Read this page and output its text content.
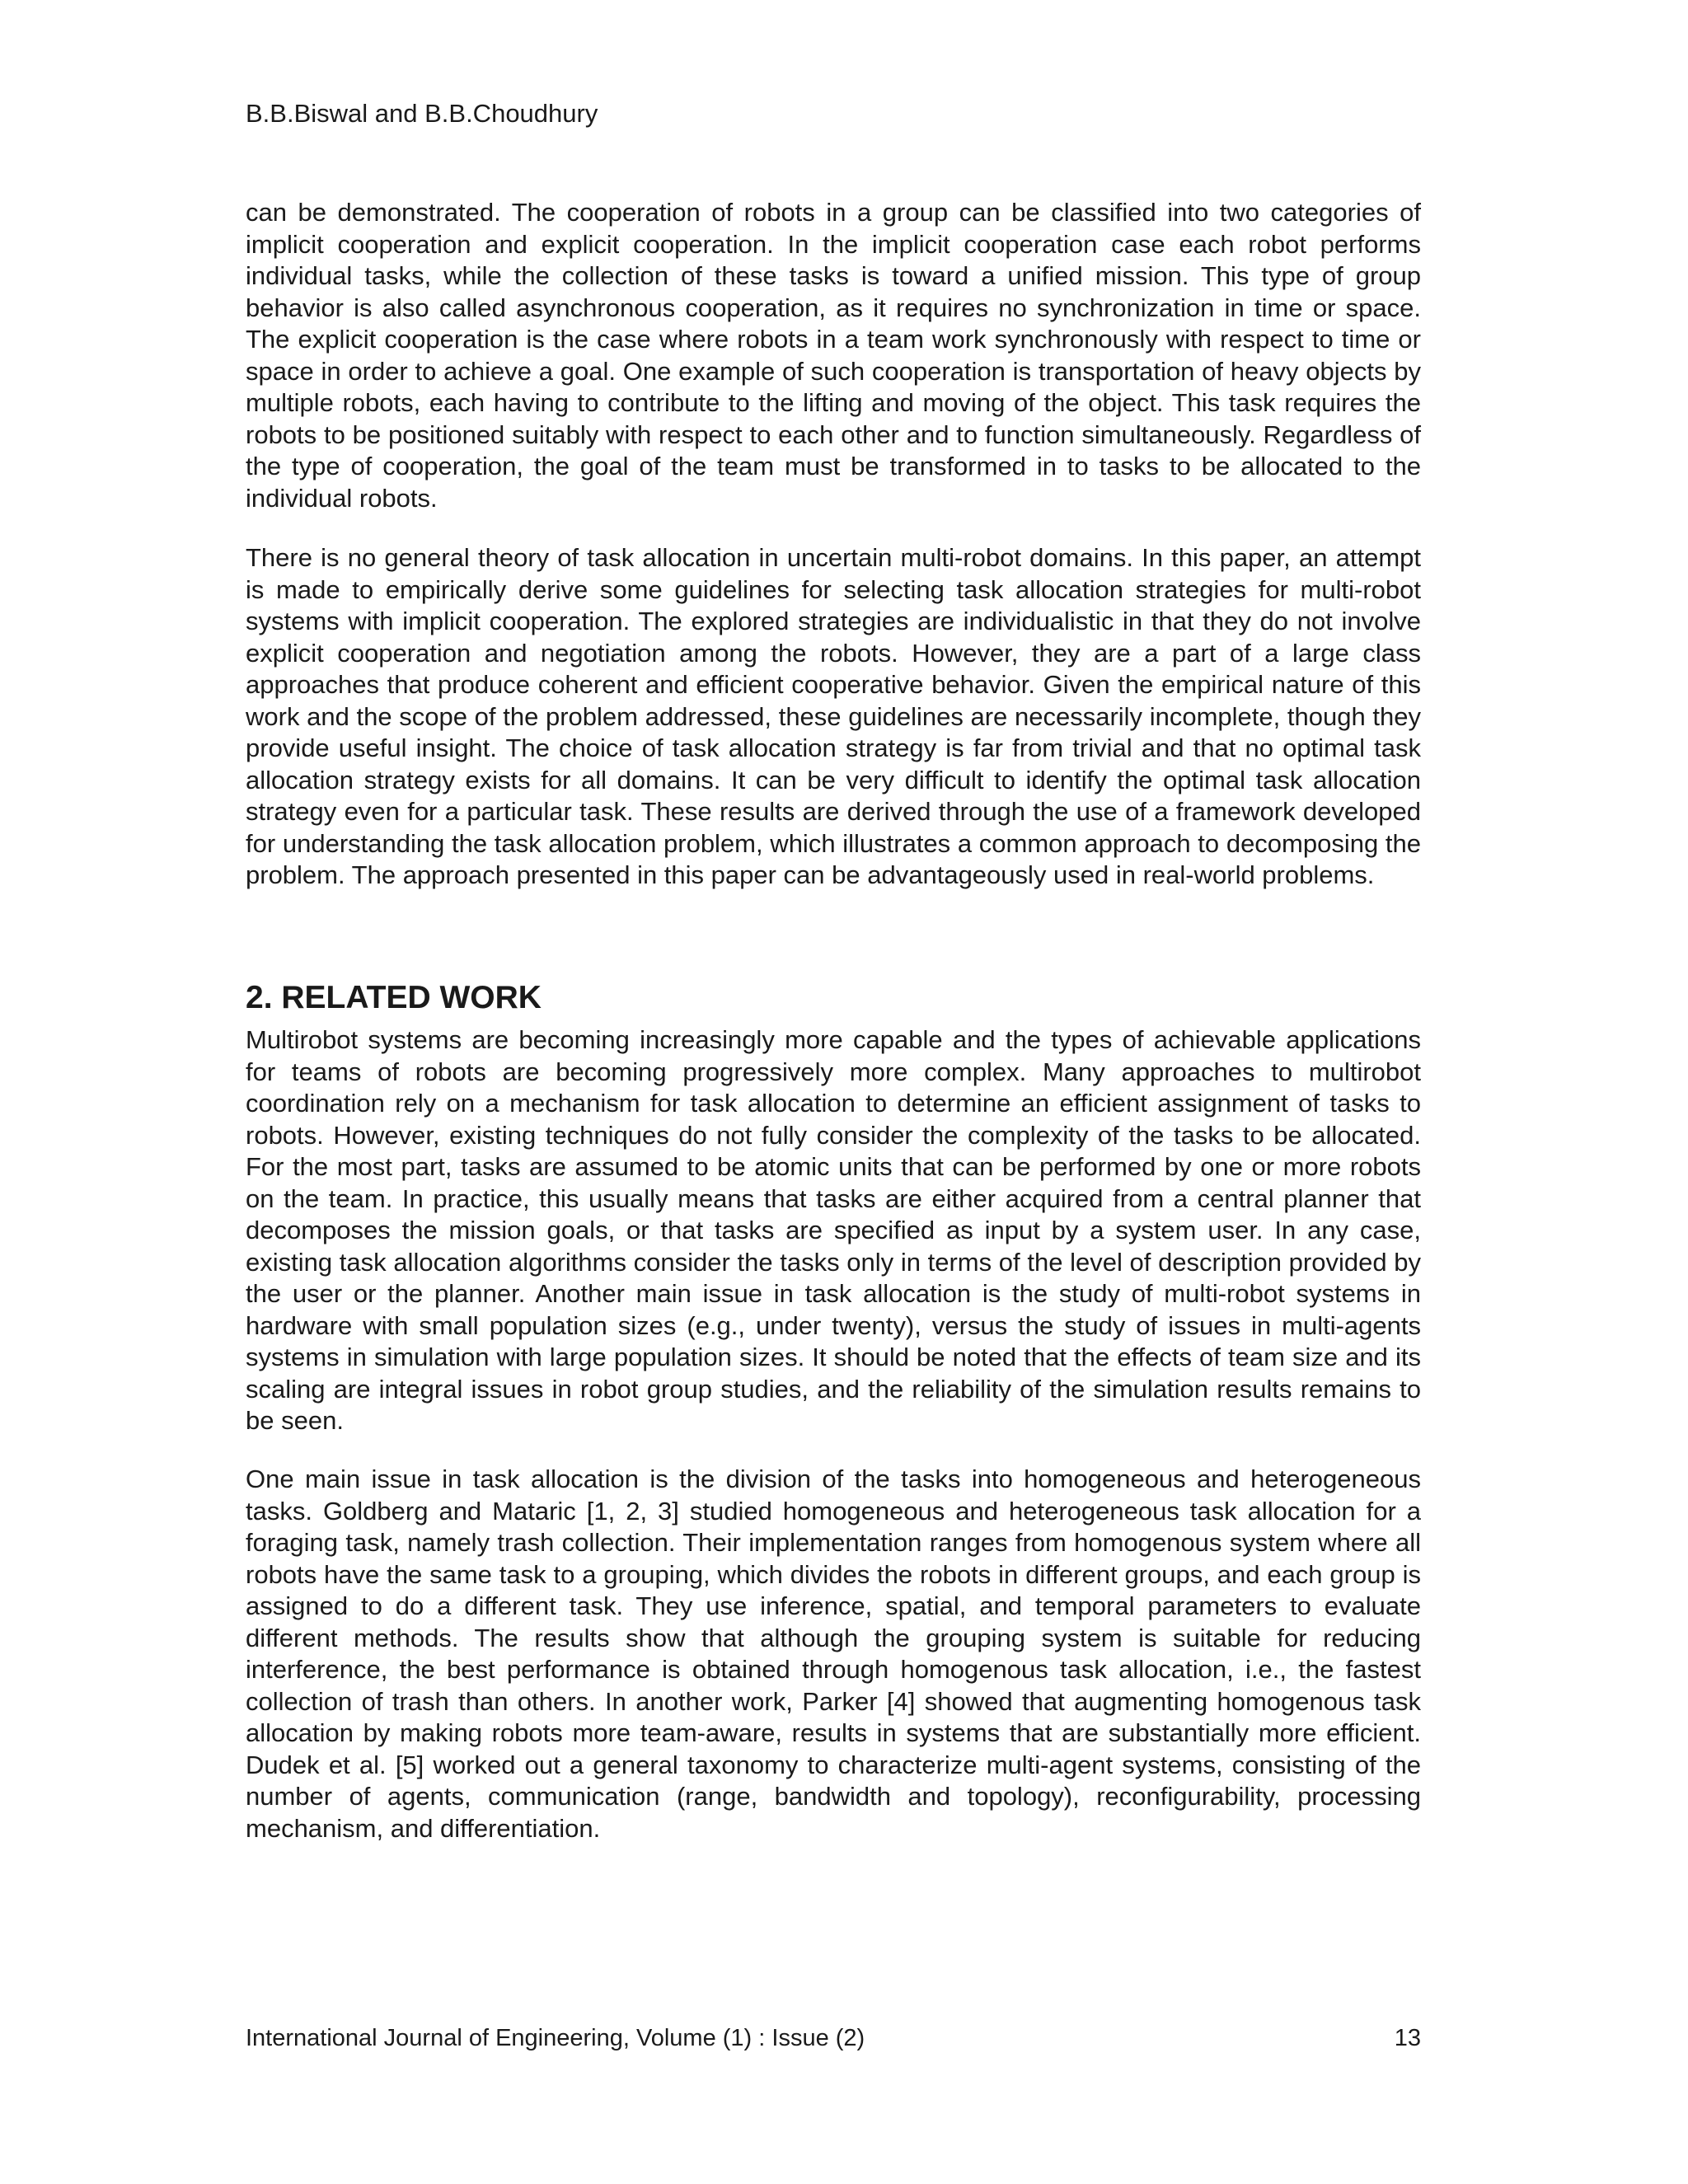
B.B.Biswal and B.B.Choudhury

can be demonstrated. The cooperation of robots in a group can be classified into two categories of implicit cooperation and explicit cooperation. In the implicit cooperation case each robot performs individual tasks, while the collection of these tasks is toward a unified mission. This type of group behavior is also called asynchronous cooperation, as it requires no synchronization in time or space. The explicit cooperation is the case where robots in a team work synchronously with respect to time or space in order to achieve a goal. One example of such cooperation is transportation of heavy objects by multiple robots, each having to contribute to the lifting and moving of the object. This task requires the robots to be positioned suitably with respect to each other and to function simultaneously. Regardless of the type of cooperation, the goal of the team must be transformed in to tasks to be allocated to the individual robots.

There is no general theory of task allocation in uncertain multi-robot domains. In this paper, an attempt is made to empirically derive some guidelines for selecting task allocation strategies for multi-robot systems with implicit cooperation. The explored strategies are individualistic in that they do not involve explicit cooperation and negotiation among the robots. However, they are a part of a large class approaches that produce coherent and efficient cooperative behavior. Given the empirical nature of this work and the scope of the problem addressed, these guidelines are necessarily incomplete, though they provide useful insight. The choice of task allocation strategy is far from trivial and that no optimal task allocation strategy exists for all domains. It can be very difficult to identify the optimal task allocation strategy even for a particular task. These results are derived through the use of a framework developed for understanding the task allocation problem, which illustrates a common approach to decomposing the problem. The approach presented in this paper can be advantageously used in real-world problems.

2. RELATED WORK

Multirobot systems are becoming increasingly more capable and the types of achievable applications for teams of robots are becoming progressively more complex. Many approaches to multirobot coordination rely on a mechanism for task allocation to determine an efficient assignment of tasks to robots. However, existing techniques do not fully consider the complexity of the tasks to be allocated. For the most part, tasks are assumed to be atomic units that can be performed by one or more robots on the team. In practice, this usually means that tasks are either acquired from a central planner that decomposes the mission goals, or that tasks are specified as input by a system user. In any case, existing task allocation algorithms consider the tasks only in terms of the level of description provided by the user or the planner. Another main issue in task allocation is the study of multi-robot systems in hardware with small population sizes (e.g., under twenty), versus the study of issues in multi-agents systems in simulation with large population sizes. It should be noted that the effects of team size and its scaling are integral issues in robot group studies, and the reliability of the simulation results remains to be seen.

One main issue in task allocation is the division of the tasks into homogeneous and heterogeneous tasks. Goldberg and Mataric [1, 2, 3] studied homogeneous and heterogeneous task allocation for a foraging task, namely trash collection. Their implementation ranges from homogenous system where all robots have the same task to a grouping, which divides the robots in different groups, and each group is assigned to do a different task. They use inference, spatial, and temporal parameters to evaluate different methods. The results show that although the grouping system is suitable for reducing interference, the best performance is obtained through homogenous task allocation, i.e., the fastest collection of trash than others. In another work, Parker [4] showed that augmenting homogenous task allocation by making robots more team-aware, results in systems that are substantially more efficient. Dudek et al. [5] worked out a general taxonomy to characterize multi-agent systems, consisting of the number of agents, communication (range, bandwidth and topology), reconfigurability, processing mechanism, and differentiation.

International Journal of Engineering, Volume (1) : Issue (2)	13
